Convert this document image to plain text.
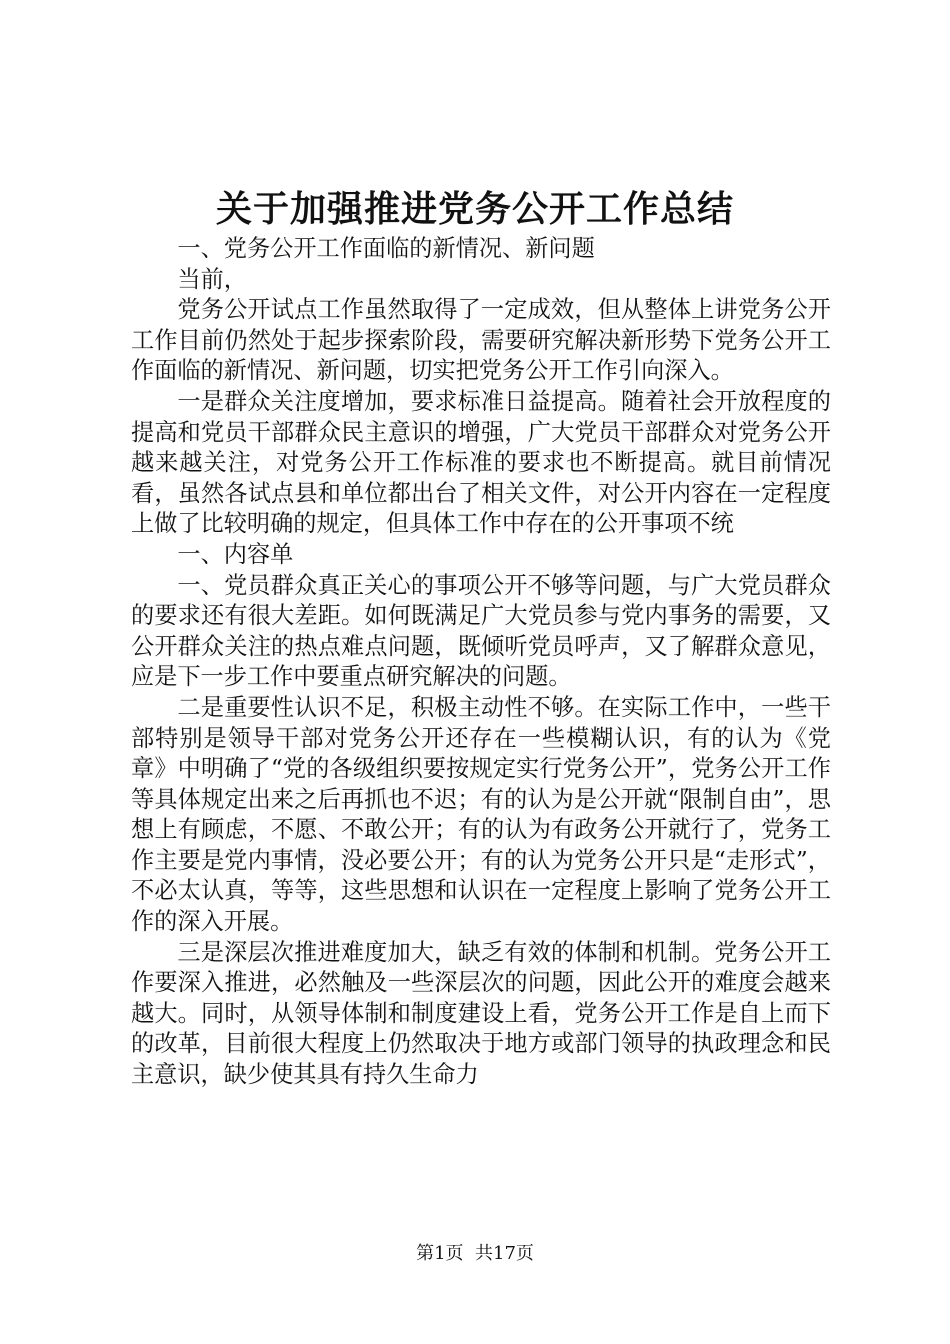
关于加强推进党务公开工作总结

一、党务公开工作面临的新情况、新问题

当前，

党务公开试点工作虽然取得了一定成效，但从整体上讲党务公开工作目前仍然处于起步探索阶段，需要研究解决新形势下党务公开工作面临的新情况、新问题，切实把党务公开工作引向深入。

一是群众关注度增加，要求标准日益提高。随着社会开放程度的提高和党员干部群众民主意识的增强，广大党员干部群众对党务公开越来越关注，对党务公开工作标准的要求也不断提高。就目前情况看，虽然各试点县和单位都出台了相关文件，对公开内容在一定程度上做了比较明确的规定，但具体工作中存在的公开事项不统

一、内容单

一、党员群众真正关心的事项公开不够等问题，与广大党员群众的要求还有很大差距。如何既满足广大党员参与党内事务的需要，又公开群众关注的热点难点问题，既倾听党员呼声，又了解群众意见，应是下一步工作中要重点研究解决的问题。

二是重要性认识不足，积极主动性不够。在实际工作中，一些干部特别是领导干部对党务公开还存在一些模糊认识，有的认为《党章》中明确了“党的各级组织要按规定实行党务公开”，党务公开工作等具体规定出来之后再抓也不迟；有的认为是公开就“限制自由”，思想上有顾虑，不愿、不敢公开；有的认为有政务公开就行了，党务工作主要是党内事情，没必要公开；有的认为党务公开只是“走形式”，不必太认真，等等，这些思想和认识在一定程度上影响了党务公开工作的深入开展。

三是深层次推进难度加大，缺乏有效的体制和机制。党务公开工作要深入推进，必然触及一些深层次的问题，因此公开的难度会越来越大。同时，从领导体制和制度建设上看，党务公开工作是自上而下的改革，目前很大程度上仍然取决于地方或部门领导的执政理念和民主意识，缺少使其具有持久生命力

第1页  共17页
